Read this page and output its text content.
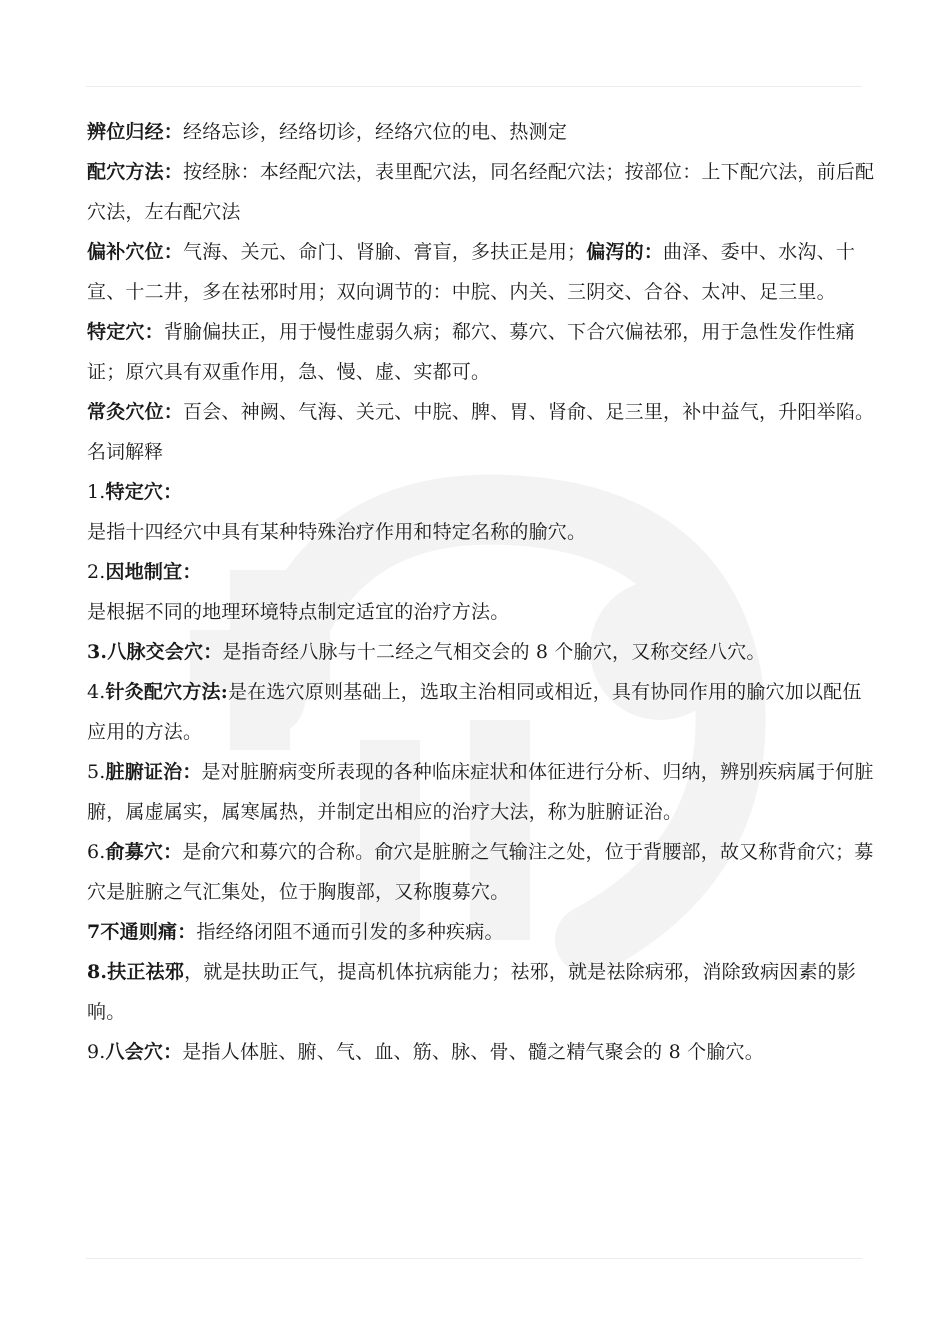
辨位归经：经络忘诊，经络切诊，经络穴位的电、热测定

配穴方法：按经脉：本经配穴法，表里配穴法，同名经配穴法；按部位：上下配穴法，前后配穴法，左右配穴法

偏补穴位：气海、关元、命门、肾腧、膏盲，多扶正是用；偏泻的：曲泽、委中、水沟、十宣、十二井，多在祛邪时用；双向调节的：中脘、内关、三阴交、合谷、太冲、足三里。

特定穴：背腧偏扶正，用于慢性虚弱久病；郗穴、募穴、下合穴偏祛邪，用于急性发作性痛证；原穴具有双重作用，急、慢、虚、实都可。

常灸穴位：百会、神阙、气海、关元、中脘、脾、胃、肾俞、足三里，补中益气，升阳举陷。

名词解释

1.特定穴：

是指十四经穴中具有某种特殊治疗作用和特定名称的腧穴。

2.因地制宜：

是根据不同的地理环境特点制定适宜的治疗方法。

3.八脉交会穴：是指奇经八脉与十二经之气相交会的 8 个腧穴，又称交经八穴。

4.针灸配穴方法:是在选穴原则基础上，选取主治相同或相近，具有协同作用的腧穴加以配伍应用的方法。

5.脏腑证治：是对脏腑病变所表现的各种临床症状和体征进行分析、归纳，辨别疾病属于何脏腑，属虚属实，属寒属热，并制定出相应的治疗大法，称为脏腑证治。

6.俞募穴：是俞穴和募穴的合称。俞穴是脏腑之气输注之处，位于背腰部，故又称背俞穴；募穴是脏腑之气汇集处，位于胸腹部，又称腹募穴。

7不通则痛：指经络闭阻不通而引发的多种疾病。

8.扶正祛邪，就是扶助正气，提高机体抗病能力；祛邪，就是祛除病邪，消除致病因素的影响。

9.八会穴：是指人体脏、腑、气、血、筋、脉、骨、髓之精气聚会的 8 个腧穴。
